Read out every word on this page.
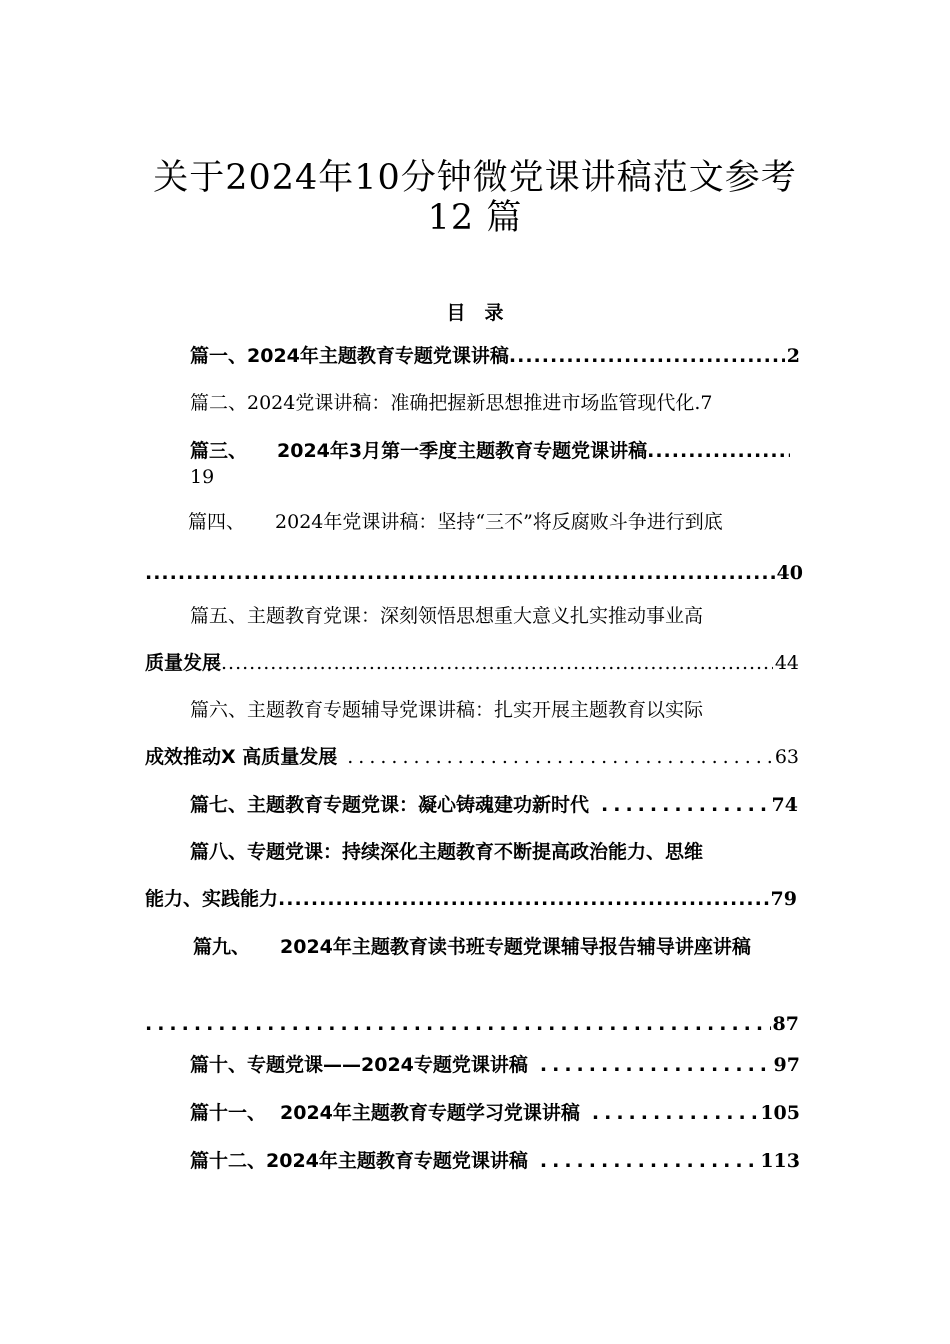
关于2024年10分钟微党课讲稿范文参考
12 篇
目　录
篇一、2024年主题教育专题党课讲稿 .....	2
篇二、2024党课讲稿：准确把握新思想推进市场监管现代化 . 7
篇三、 2024年3月第一季度主题教育专题党课讲稿
.....
19
篇四、 2024年党课讲稿：坚持“三不”将反腐败斗争进行到底
.....
40
篇五、主题教育党课：深刻领悟思想重大意义扎实推动事业高
质量发展 .....	44
篇六、主题教育专题辅导党课讲稿：扎实开展主题教育以实际
成效推动X 高质量发展 .....	63
篇七、主题教育专题党课：凝心铸魂建功新时代 .....	74
篇八、专题党课：持续深化主题教育不断提高政治能力、思维
能力、实践能力 .....	79
篇九、 2024年主题教育读书班专题党课辅导报告辅导讲座讲稿
.....
87
篇十、专题党课——2024专题党课讲稿 .....	97
篇十一、 2024年主题教育专题学习党课讲稿 .....	105
篇十二、2024年主题教育专题党课讲稿 .....	113
